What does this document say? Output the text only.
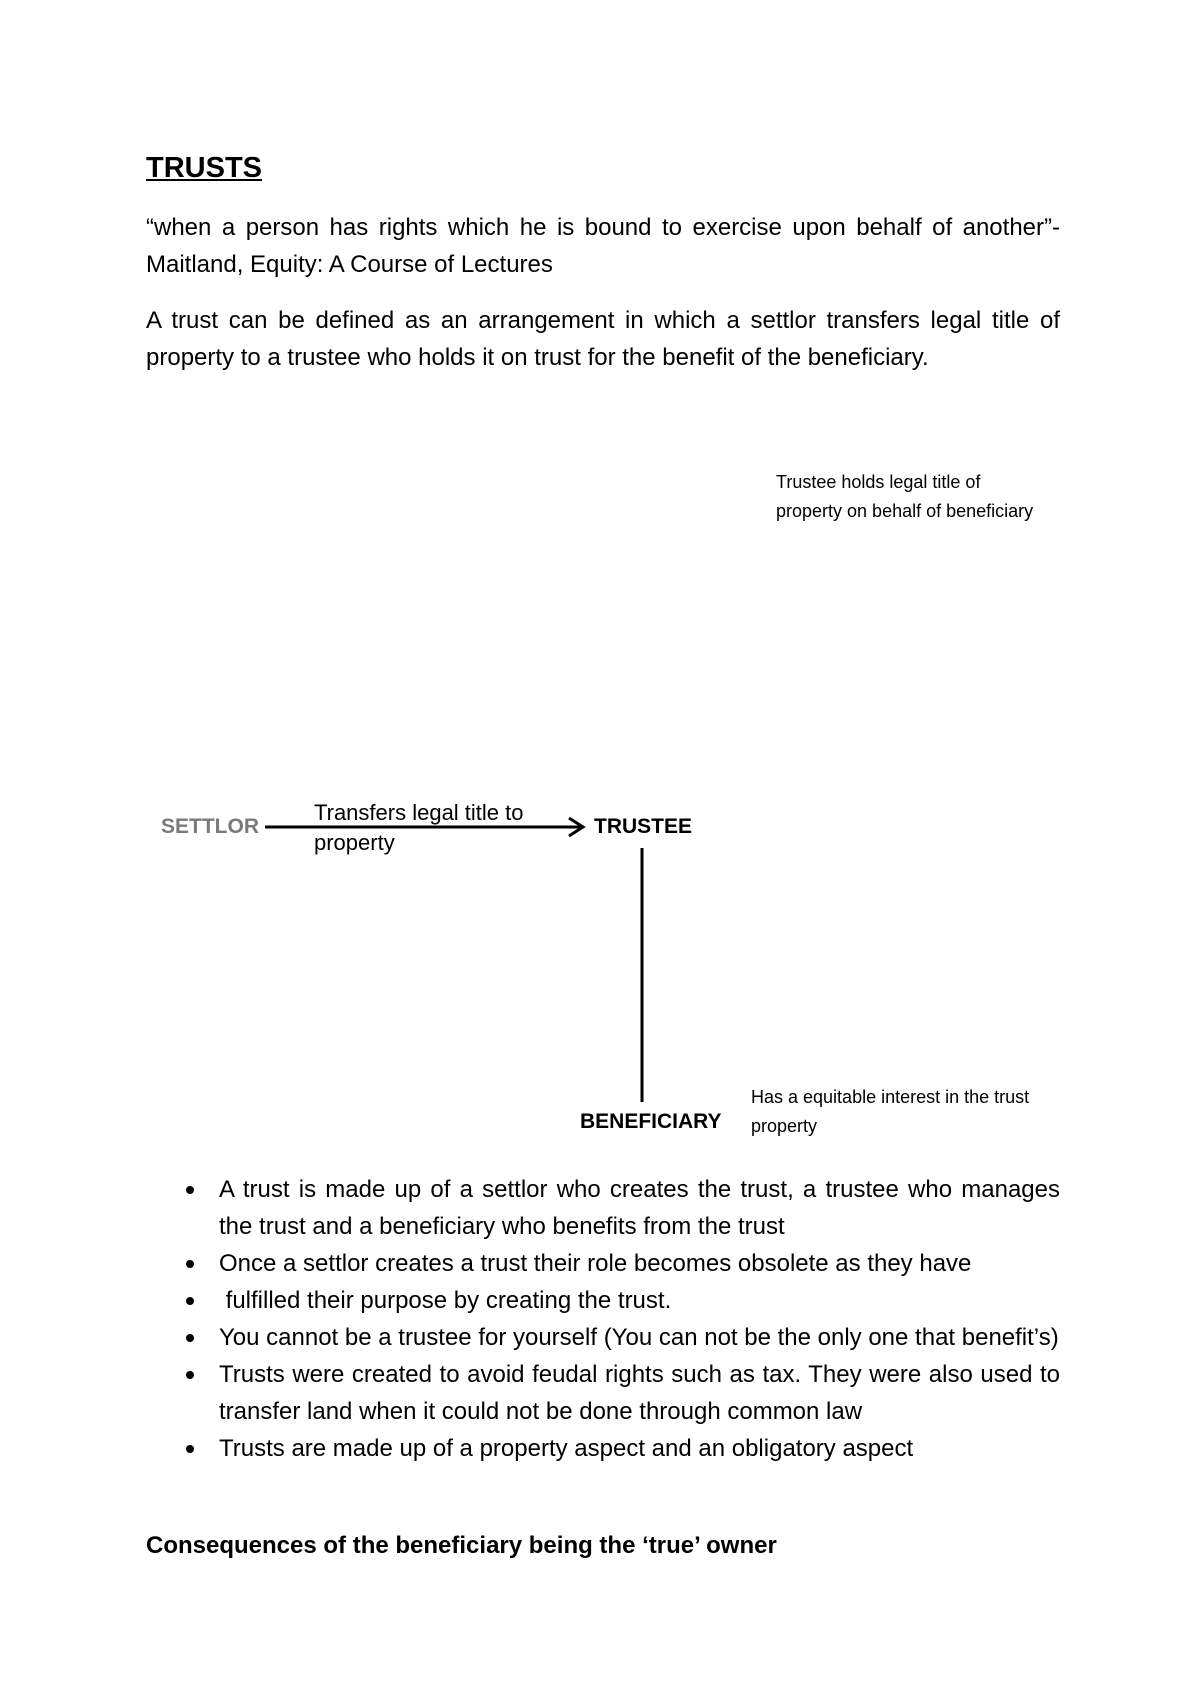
TRUSTS

“when a person has rights which he is bound to exercise upon behalf of another”- Maitland, Equity: A Course of Lectures

A trust can be defined as an arrangement in which a settlor transfers legal title of property to a trustee who holds it on trust for the benefit of the beneficiary.

Trustee holds legal title of property on behalf of beneficiary

SETTLOR

Transfers legal title to property

TRUSTEE

BENEFICIARY

Has a equitable interest in the trust property

A trust is made up of a settlor who creates the trust, a trustee who manages the trust and a beneficiary who benefits from the trust
Once a settlor creates a trust their role becomes obsolete as they have
fulfilled their purpose by creating the trust.
You cannot be a trustee for yourself (You can not be the only one that benefit’s)
Trusts were created to avoid feudal rights such as tax. They were also used to transfer land when it could not be done through common law
Trusts are made up of a property aspect and an obligatory aspect

Consequences of the beneficiary being the ‘true’ owner
